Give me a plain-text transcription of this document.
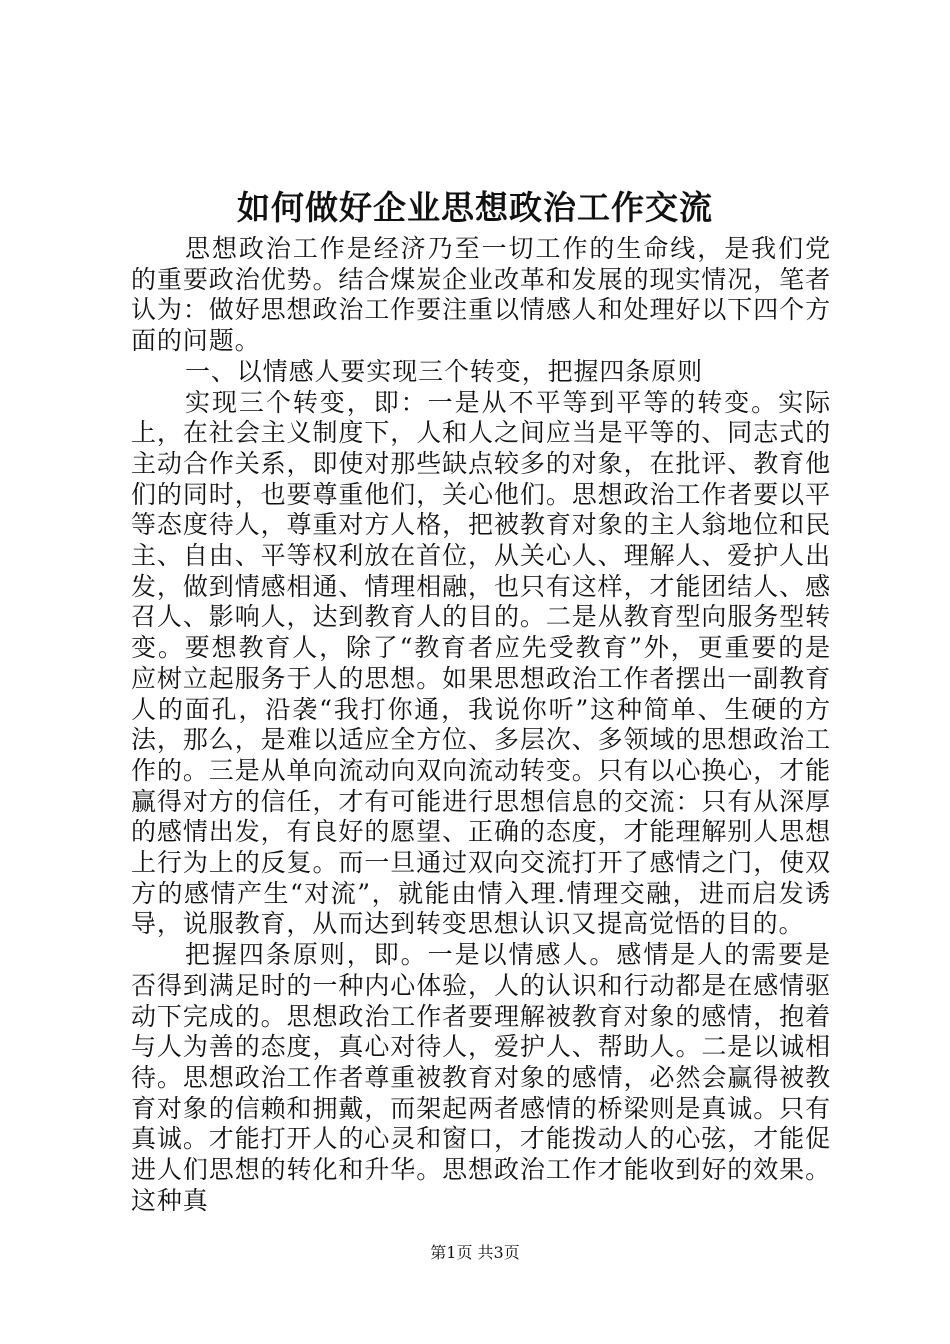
如何做好企业思想政治工作交流

思想政治工作是经济乃至一切工作的生命线，是我们党的重要政治优势。结合煤炭企业改革和发展的现实情况，笔者认为：做好思想政治工作要注重以情感人和处理好以下四个方面的问题。

一、以情感人要实现三个转变，把握四条原则

实现三个转变，即：一是从不平等到平等的转变。实际上，在社会主义制度下，人和人之间应当是平等的、同志式的主动合作关系，即使对那些缺点较多的对象，在批评、教育他们的同时，也要尊重他们，关心他们。思想政治工作者要以平等态度待人，尊重对方人格，把被教育对象的主人翁地位和民主、自由、平等权利放在首位，从关心人、理解人、爱护人出发，做到情感相通、情理相融，也只有这样，才能团结人、感召人、影响人，达到教育人的目的。二是从教育型向服务型转变。要想教育人，除了“教育者应先受教育”外，更重要的是应树立起服务于人的思想。如果思想政治工作者摆出一副教育人的面孔，沿袭“我打你通，我说你听”这种简单、生硬的方法，那么，是难以适应全方位、多层次、多领域的思想政治工作的。三是从单向流动向双向流动转变。只有以心换心，才能赢得对方的信任，才有可能进行思想信息的交流：只有从深厚的感情出发，有良好的愿望、正确的态度，才能理解别人思想上行为上的反复。而一旦通过双向交流打开了感情之门，使双方的感情产生“对流”，就能由情入理.情理交融，进而启发诱导，说服教育，从而达到转变思想认识又提高觉悟的目的。

把握四条原则，即。一是以情感人。感情是人的需要是否得到满足时的一种内心体验，人的认识和行动都是在感情驱动下完成的。思想政治工作者要理解被教育对象的感情，抱着与人为善的态度，真心对待人，爱护人、帮助人。二是以诚相待。思想政治工作者尊重被教育对象的感情，必然会赢得被教育对象的信赖和拥戴，而架起两者感情的桥梁则是真诚。只有真诚。才能打开人的心灵和窗口，才能拨动人的心弦，才能促进人们思想的转化和升华。思想政治工作才能收到好的效果。这种真

第1页 共3页
